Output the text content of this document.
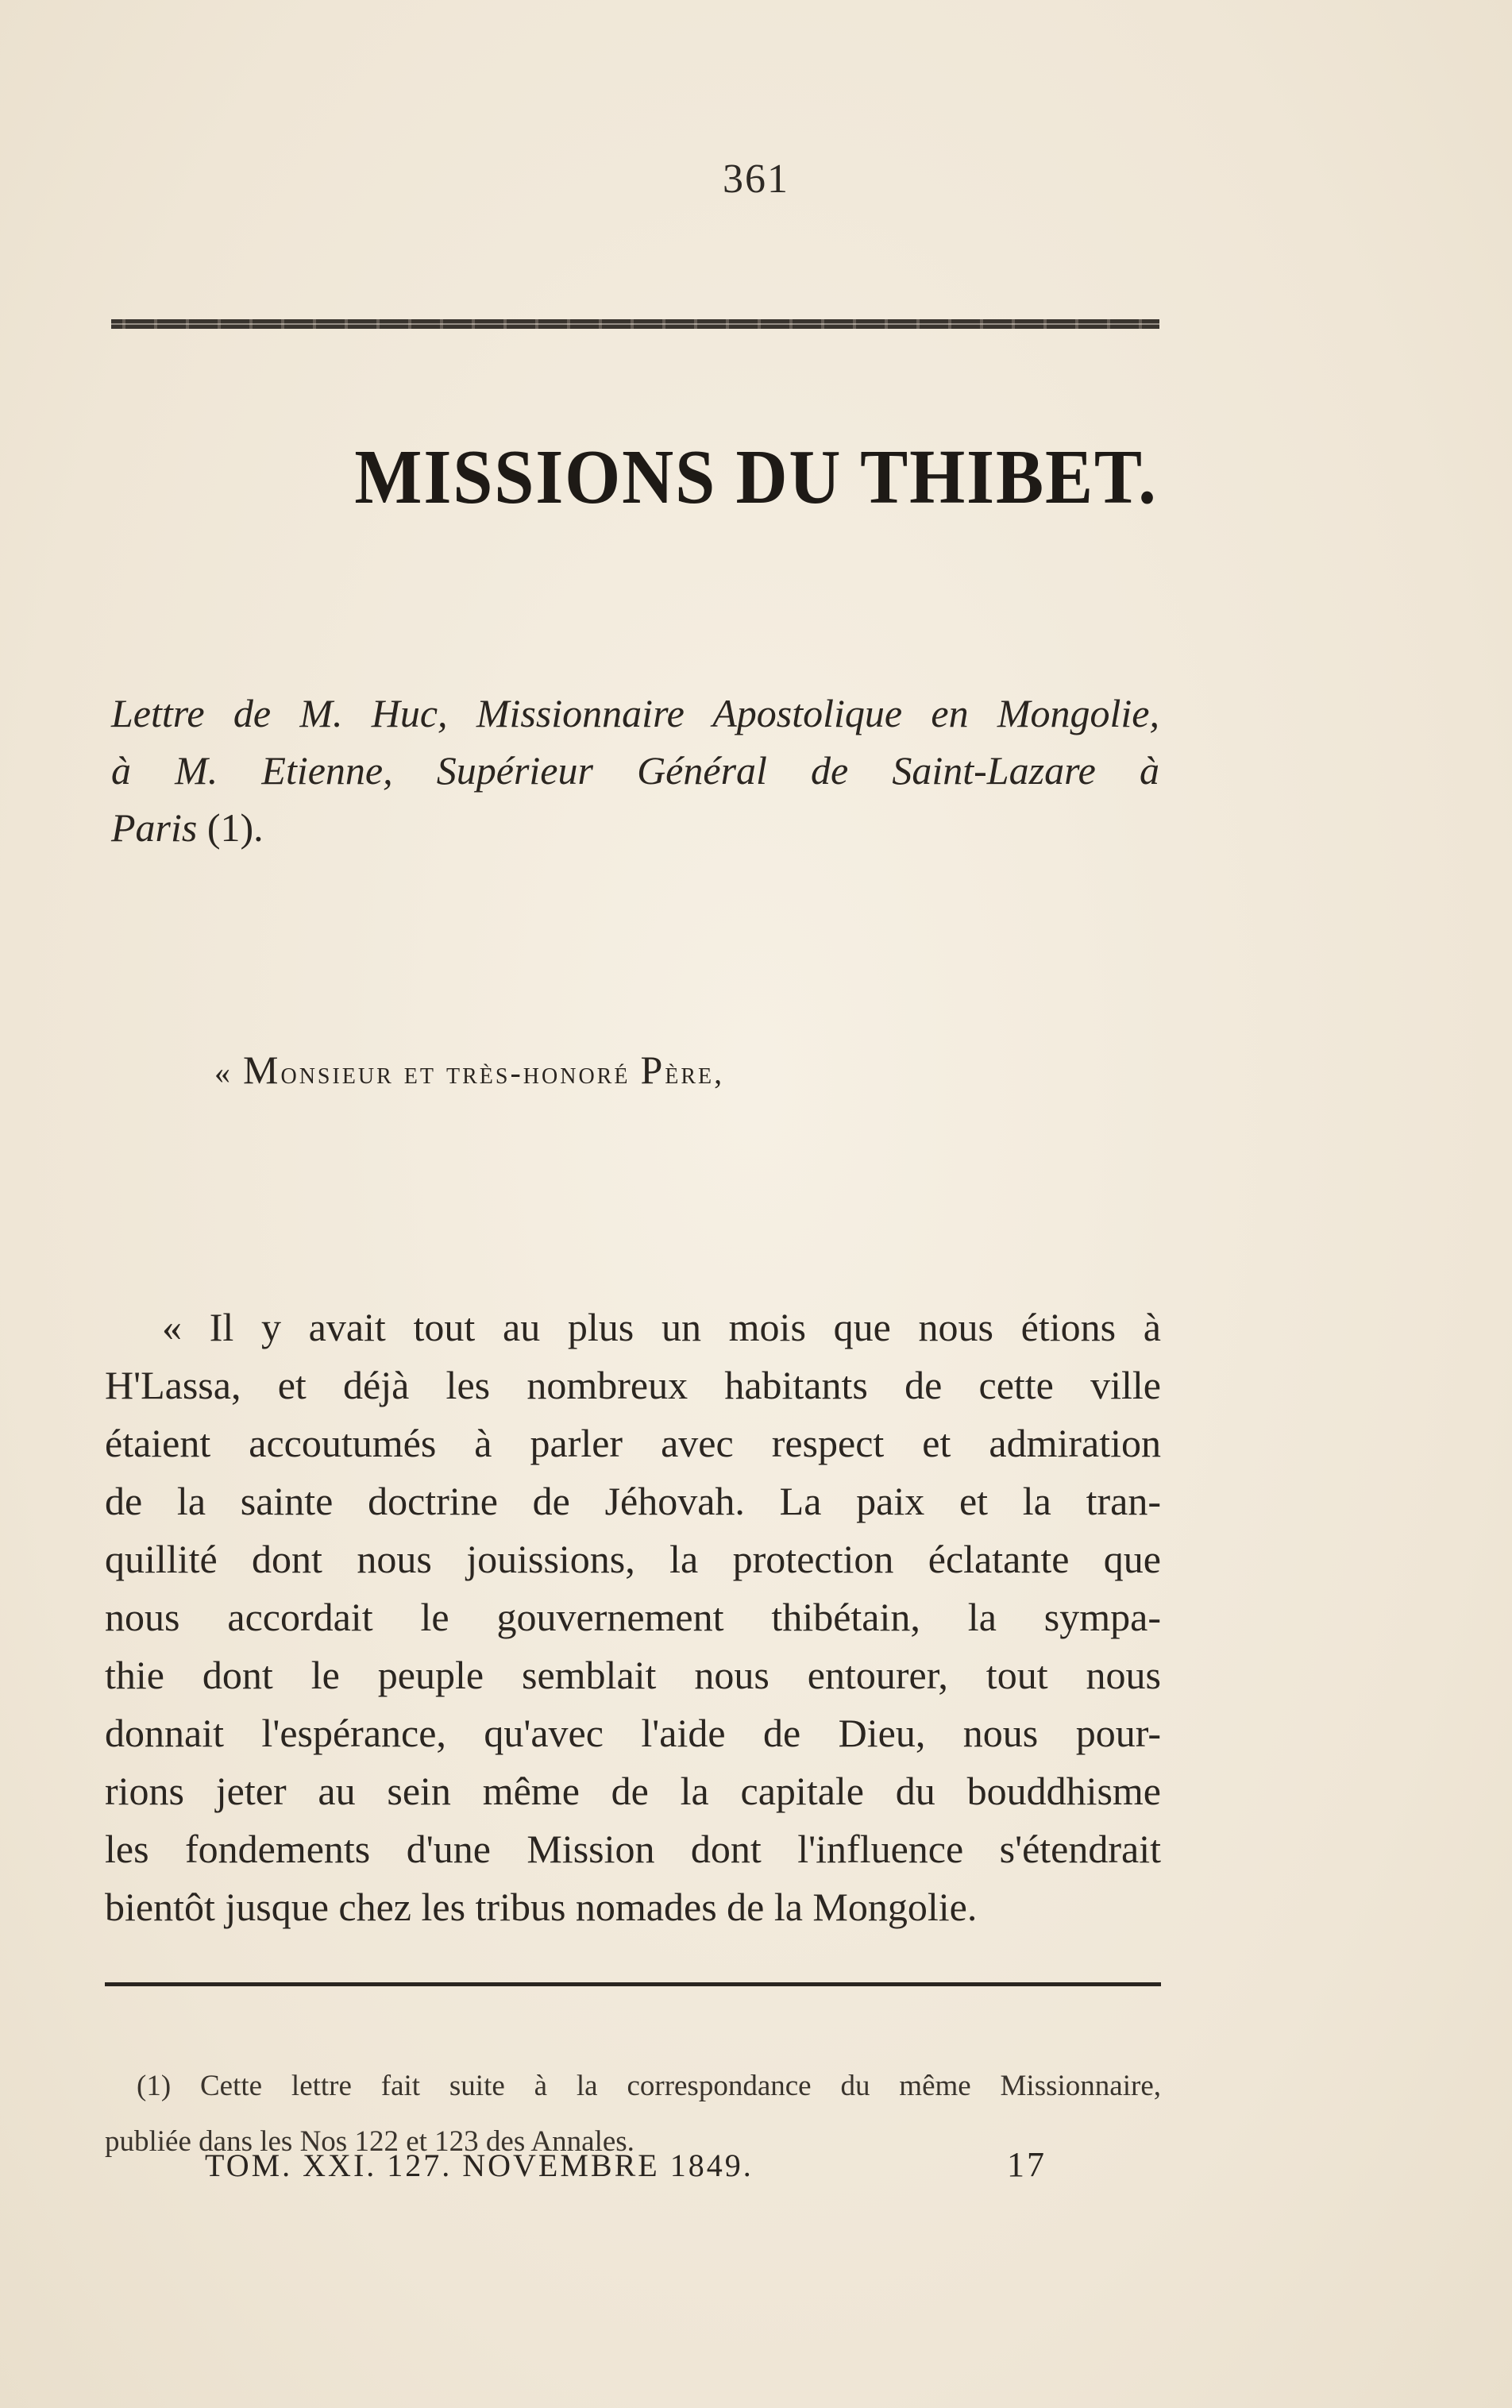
361
MISSIONS DU THIBET.
Lettre de M. Huc, Missionnaire Apostolique en Mongolie,
à M. Etienne, Supérieur Général de Saint-Lazare à
Paris (1).
« Monsieur et très-honoré Père,
« Il y avait tout au plus un mois que nous étions à
H'Lassa, et déjà les nombreux habitants de cette ville
étaient accoutumés à parler avec respect et admiration
de la sainte doctrine de Jéhovah. La paix et la tran-
quillité dont nous jouissions, la protection éclatante que
nous accordait le gouvernement thibétain, la sympa-
thie dont le peuple semblait nous entourer, tout nous
donnait l'espérance, qu'avec l'aide de Dieu, nous pour-
rions jeter au sein même de la capitale du bouddhisme
les fondements d'une Mission dont l'influence s'étendrait
bientôt jusque chez les tribus nomades de la Mongolie.
(1) Cette lettre fait suite à la correspondance du même Missionnaire,
publiée dans les Nos 122 et 123 des Annales.
TOM. XXI. 127. NOVEMBRE 1849.	17
